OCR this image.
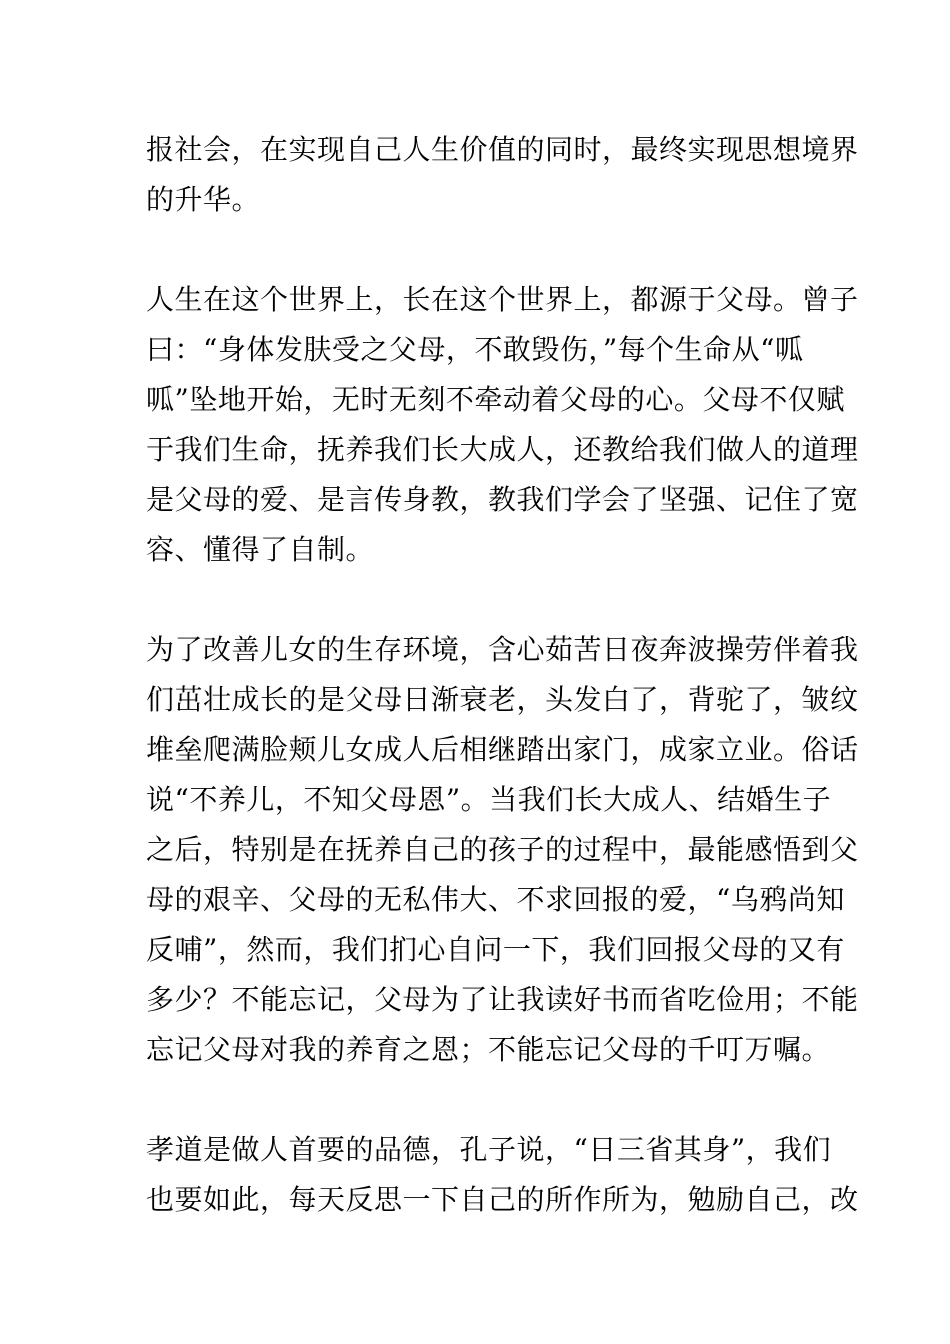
报社会，在实现自己人生价值的同时，最终实现思想境界
的升华。
人生在这个世界上，长在这个世界上，都源于父母。曾子
曰：“身体发肤受之父母，不敢毁伤，”每个生命从“呱
呱”坠地开始，无时无刻不牵动着父母的心。父母不仅赋
于我们生命，抚养我们长大成人，还教给我们做人的道理
是父母的爱、是言传身教，教我们学会了坚强、记住了宽
容、懂得了自制。
为了改善儿女的生存环境，含心茹苦日夜奔波操劳伴着我
们茁壮成长的是父母日渐衰老，头发白了，背驼了，皱纹
堆垒爬满脸颊儿女成人后相继踏出家门，成家立业。俗话
说“不养儿，不知父母恩”。当我们长大成人、结婚生子
之后，特别是在抚养自己的孩子的过程中，最能感悟到父
母的艰辛、父母的无私伟大、不求回报的爱，“乌鸦尚知
反哺”，然而，我们扪心自问一下，我们回报父母的又有
多少？不能忘记，父母为了让我读好书而省吃俭用；不能
忘记父母对我的养育之恩；不能忘记父母的千叮万嘱。
孝道是做人首要的品德，孔子说，“日三省其身”，我们
也要如此，每天反思一下自己的所作所为，勉励自己，改
